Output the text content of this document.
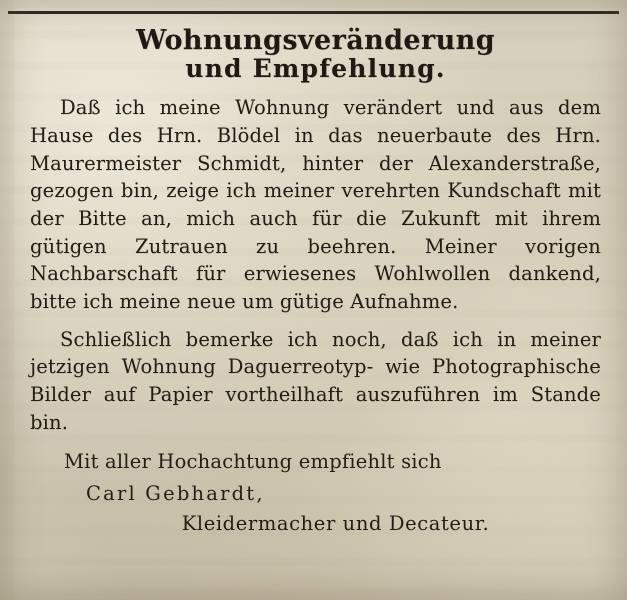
Wohnungsveränderung
und Empfehlung.

Daß ich meine Wohnung verändert und aus dem Hause des Hrn. Blödel in das neuerbaute des Hrn. Maurermeister Schmidt, hinter der Alexanderstraße, gezogen bin, zeige ich meiner verehrten Kundschaft mit der Bitte an, mich auch für die Zukunft mit ihrem gütigen Zutrauen zu beehren. Meiner vorigen Nachbarschaft für erwiesenes Wohlwollen dankend, bitte ich meine neue um gütige Aufnahme.

Schließlich bemerke ich noch, daß ich in meiner jetzigen Wohnung Daguerreotyp- wie Photographische Bilder auf Papier vortheilhaft auszuführen im Stande bin.

Mit aller Hochachtung empfiehlt sich
Carl Gebhardt,
Kleidermacher und Decateur.
